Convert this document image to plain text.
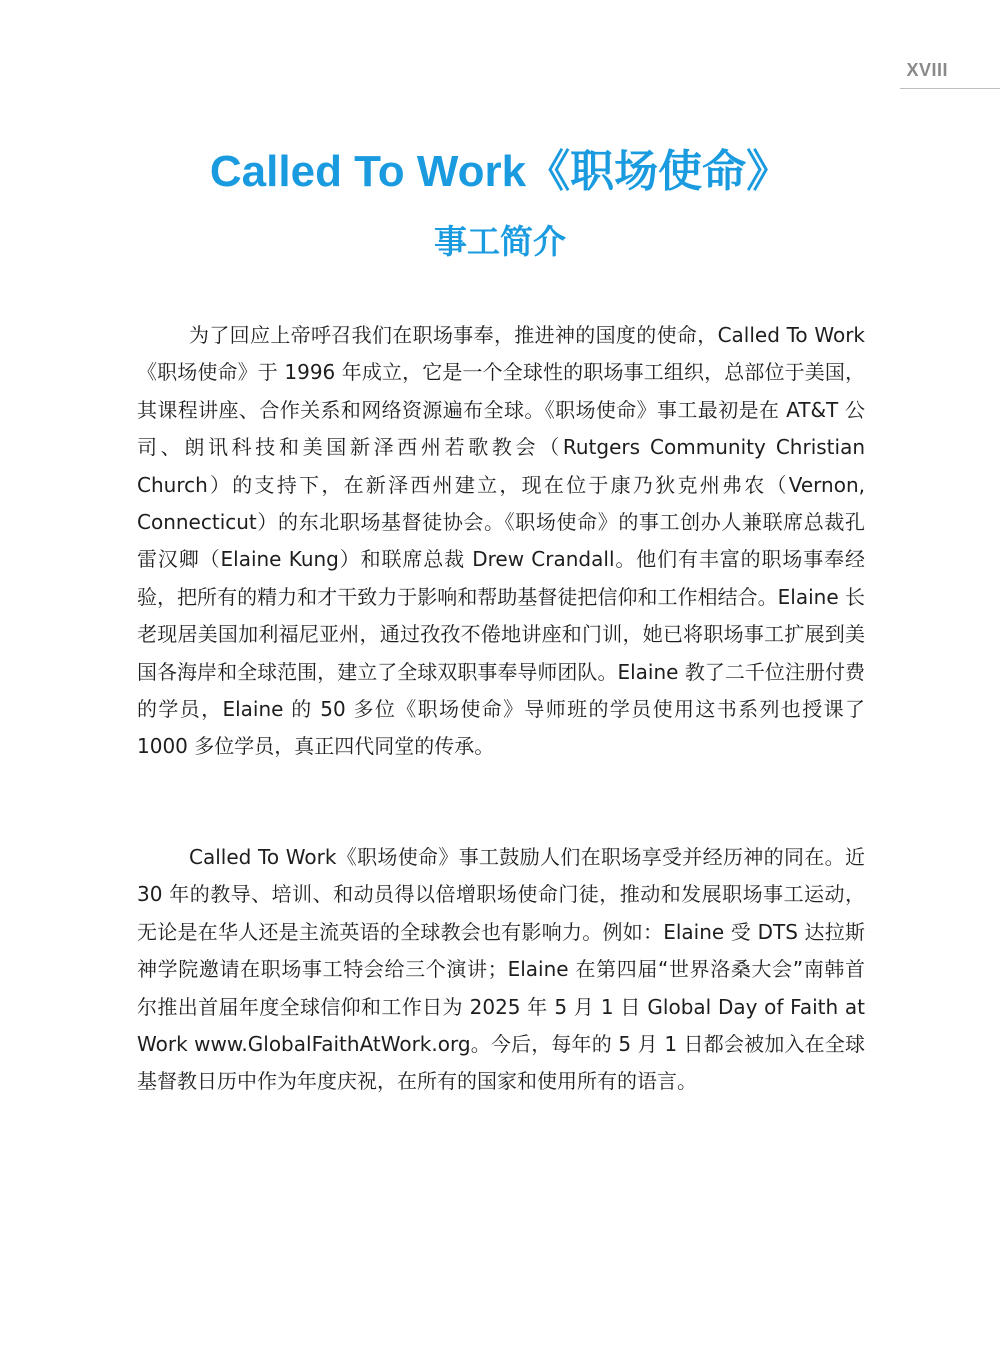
XVIII
Called To Work《职场使命》
事工简介

为了回应上帝呼召我们在职场事奉，推进神的国度的使命，Called To Work《职场使命》于 1996 年成立，它是一个全球性的职场事工组织，总部位于美国，其课程讲座、合作关系和网络资源遍布全球。《职场使命》事工最初是在 AT&T 公司、朗讯科技和美国新泽西州若歌教会（Rutgers Community Christian Church）的支持下，在新泽西州建立，现在位于康乃狄克州弗农（Vernon, Connecticut）的东北职场基督徒协会。《职场使命》的事工创办人兼联席总裁孔雷汉卿（Elaine Kung）和联席总裁 Drew Crandall。他们有丰富的职场事奉经验，把所有的精力和才干致力于影响和帮助基督徒把信仰和工作相结合。Elaine 长老现居美国加利福尼亚州，通过孜孜不倦地讲座和门训，她已将职场事工扩展到美国各海岸和全球范围，建立了全球双职事奉导师团队。Elaine 教了二千位注册付费的学员，Elaine 的 50 多位《职场使命》导师班的学员使用这书系列也授课了 1000 多位学员，真正四代同堂的传承。

Called To Work《职场使命》事工鼓励人们在职场享受并经历神的同在。近 30 年的教导、培训、和动员得以倍增职场使命门徒，推动和发展职场事工运动，无论是在华人还是主流英语的全球教会也有影响力。例如：Elaine 受 DTS 达拉斯神学院邀请在职场事工特会给三个演讲；Elaine 在第四届“世界洛桑大会”南韩首尔推出首届年度全球信仰和工作日为 2025 年 5 月 1 日 Global Day of Faith at Work www.GlobalFaithAtWork.org。今后，每年的 5 月 1 日都会被加入在全球基督教日历中作为年度庆祝，在所有的国家和使用所有的语言。
